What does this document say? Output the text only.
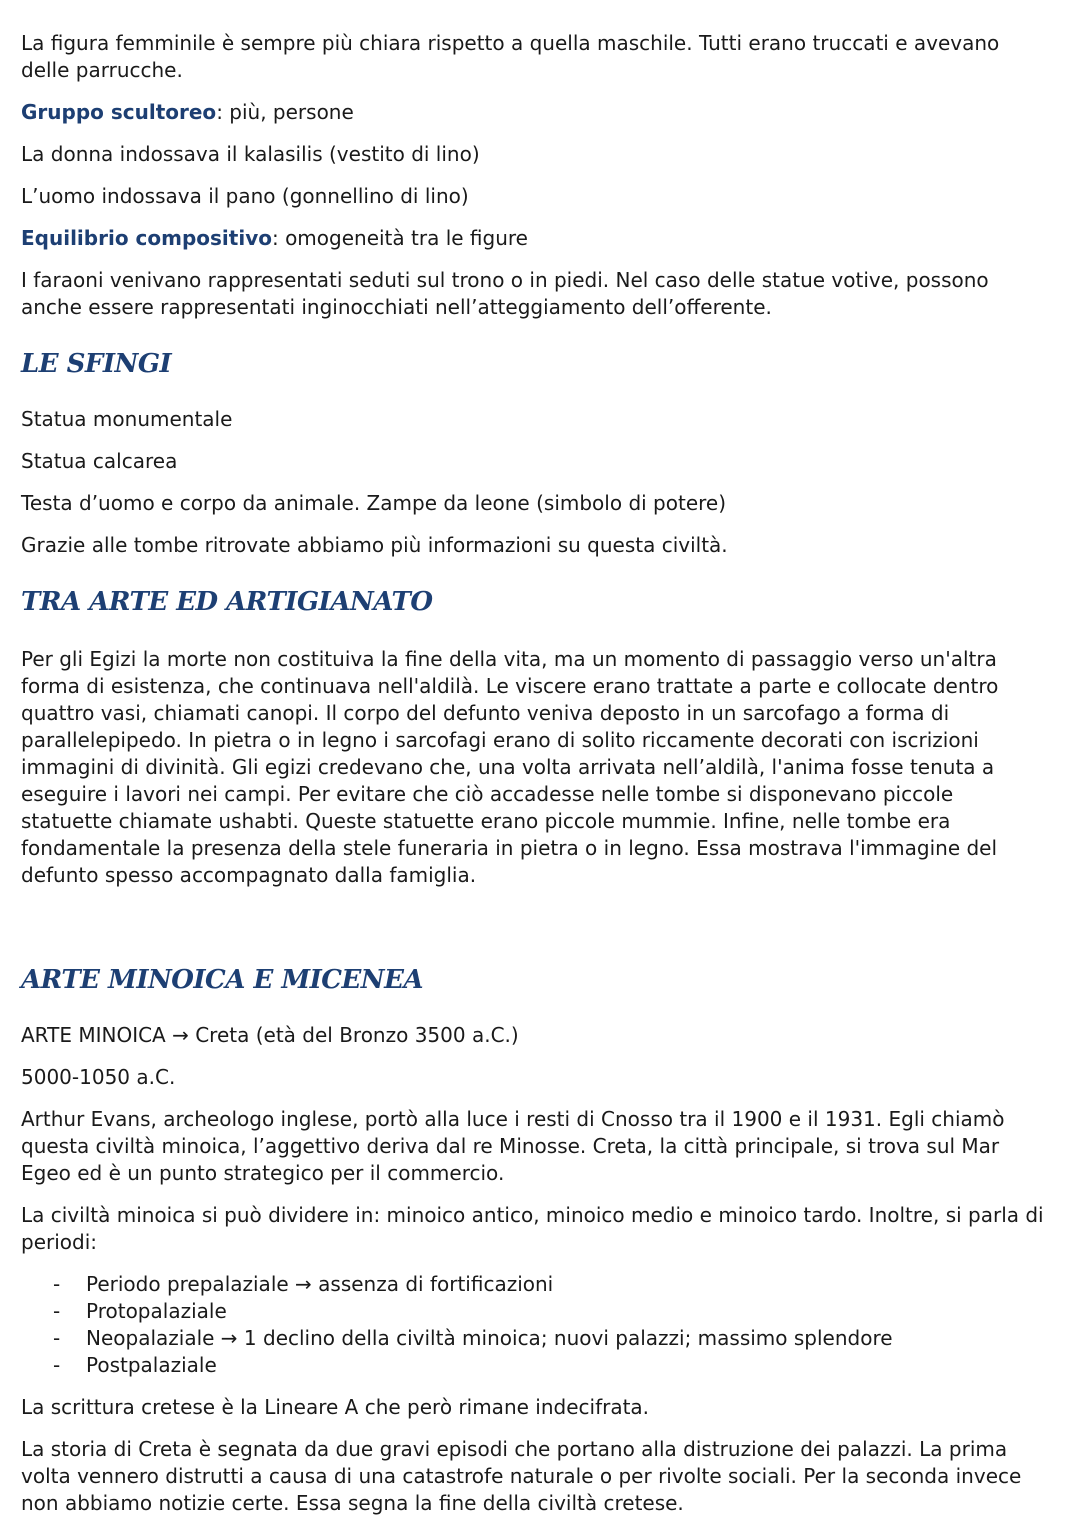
La figura femminile è sempre più chiara rispetto a quella maschile. Tutti erano truccati e avevano delle parrucche.

Gruppo scultoreo: più, persone

La donna indossava il kalasilis (vestito di lino)

L’uomo indossava il pano (gonnellino di lino)

Equilibrio compositivo: omogeneità tra le figure

I faraoni venivano rappresentati seduti sul trono o in piedi. Nel caso delle statue votive, possono anche essere rappresentati inginocchiati nell’atteggiamento dell’offerente.

LE SFINGI

Statua monumentale

Statua calcarea

Testa d’uomo e corpo da animale. Zampe da leone (simbolo di potere)

Grazie alle tombe ritrovate abbiamo più informazioni su questa civiltà.

TRA ARTE ED ARTIGIANATO

Per gli Egizi la morte non costituiva la fine della vita, ma un momento di passaggio verso un'altra forma di esistenza, che continuava nell'aldilà. Le viscere erano trattate a parte e collocate dentro quattro vasi, chiamati canopi. Il corpo del defunto veniva deposto in un sarcofago a forma di parallelepipedo. In pietra o in legno i sarcofagi erano di solito riccamente decorati con iscrizioni immagini di divinità. Gli egizi credevano che, una volta arrivata nell’aldilà, l'anima fosse tenuta a eseguire i lavori nei campi. Per evitare che ciò accadesse nelle tombe si disponevano piccole statuette chiamate ushabti. Queste statuette erano piccole mummie. Infine, nelle tombe era fondamentale la presenza della stele funeraria in pietra o in legno. Essa mostrava l'immagine del defunto spesso accompagnato dalla famiglia.

ARTE MINOICA E MICENEA

ARTE MINOICA → Creta (età del Bronzo 3500 a.C.)

5000-1050 a.C.

Arthur Evans, archeologo inglese, portò alla luce i resti di Cnosso tra il 1900 e il 1931. Egli chiamò questa civiltà minoica, l’aggettivo deriva dal re Minosse. Creta, la città principale, si trova sul Mar Egeo ed è un punto strategico per il commercio.

La civiltà minoica si può dividere in: minoico antico, minoico medio e minoico tardo. Inoltre, si parla di periodi:

- Periodo prepalaziale → assenza di fortificazioni
- Protopalaziale
- Neopalaziale → 1 declino della civiltà minoica; nuovi palazzi; massimo splendore
- Postpalaziale

La scrittura cretese è la Lineare A che però rimane indecifrata.

La storia di Creta è segnata da due gravi episodi che portano alla distruzione dei palazzi. La prima volta vennero distrutti a causa di una catastrofe naturale o per rivolte sociali. Per la seconda invece non abbiamo notizie certe. Essa segna la fine della civiltà cretese.
